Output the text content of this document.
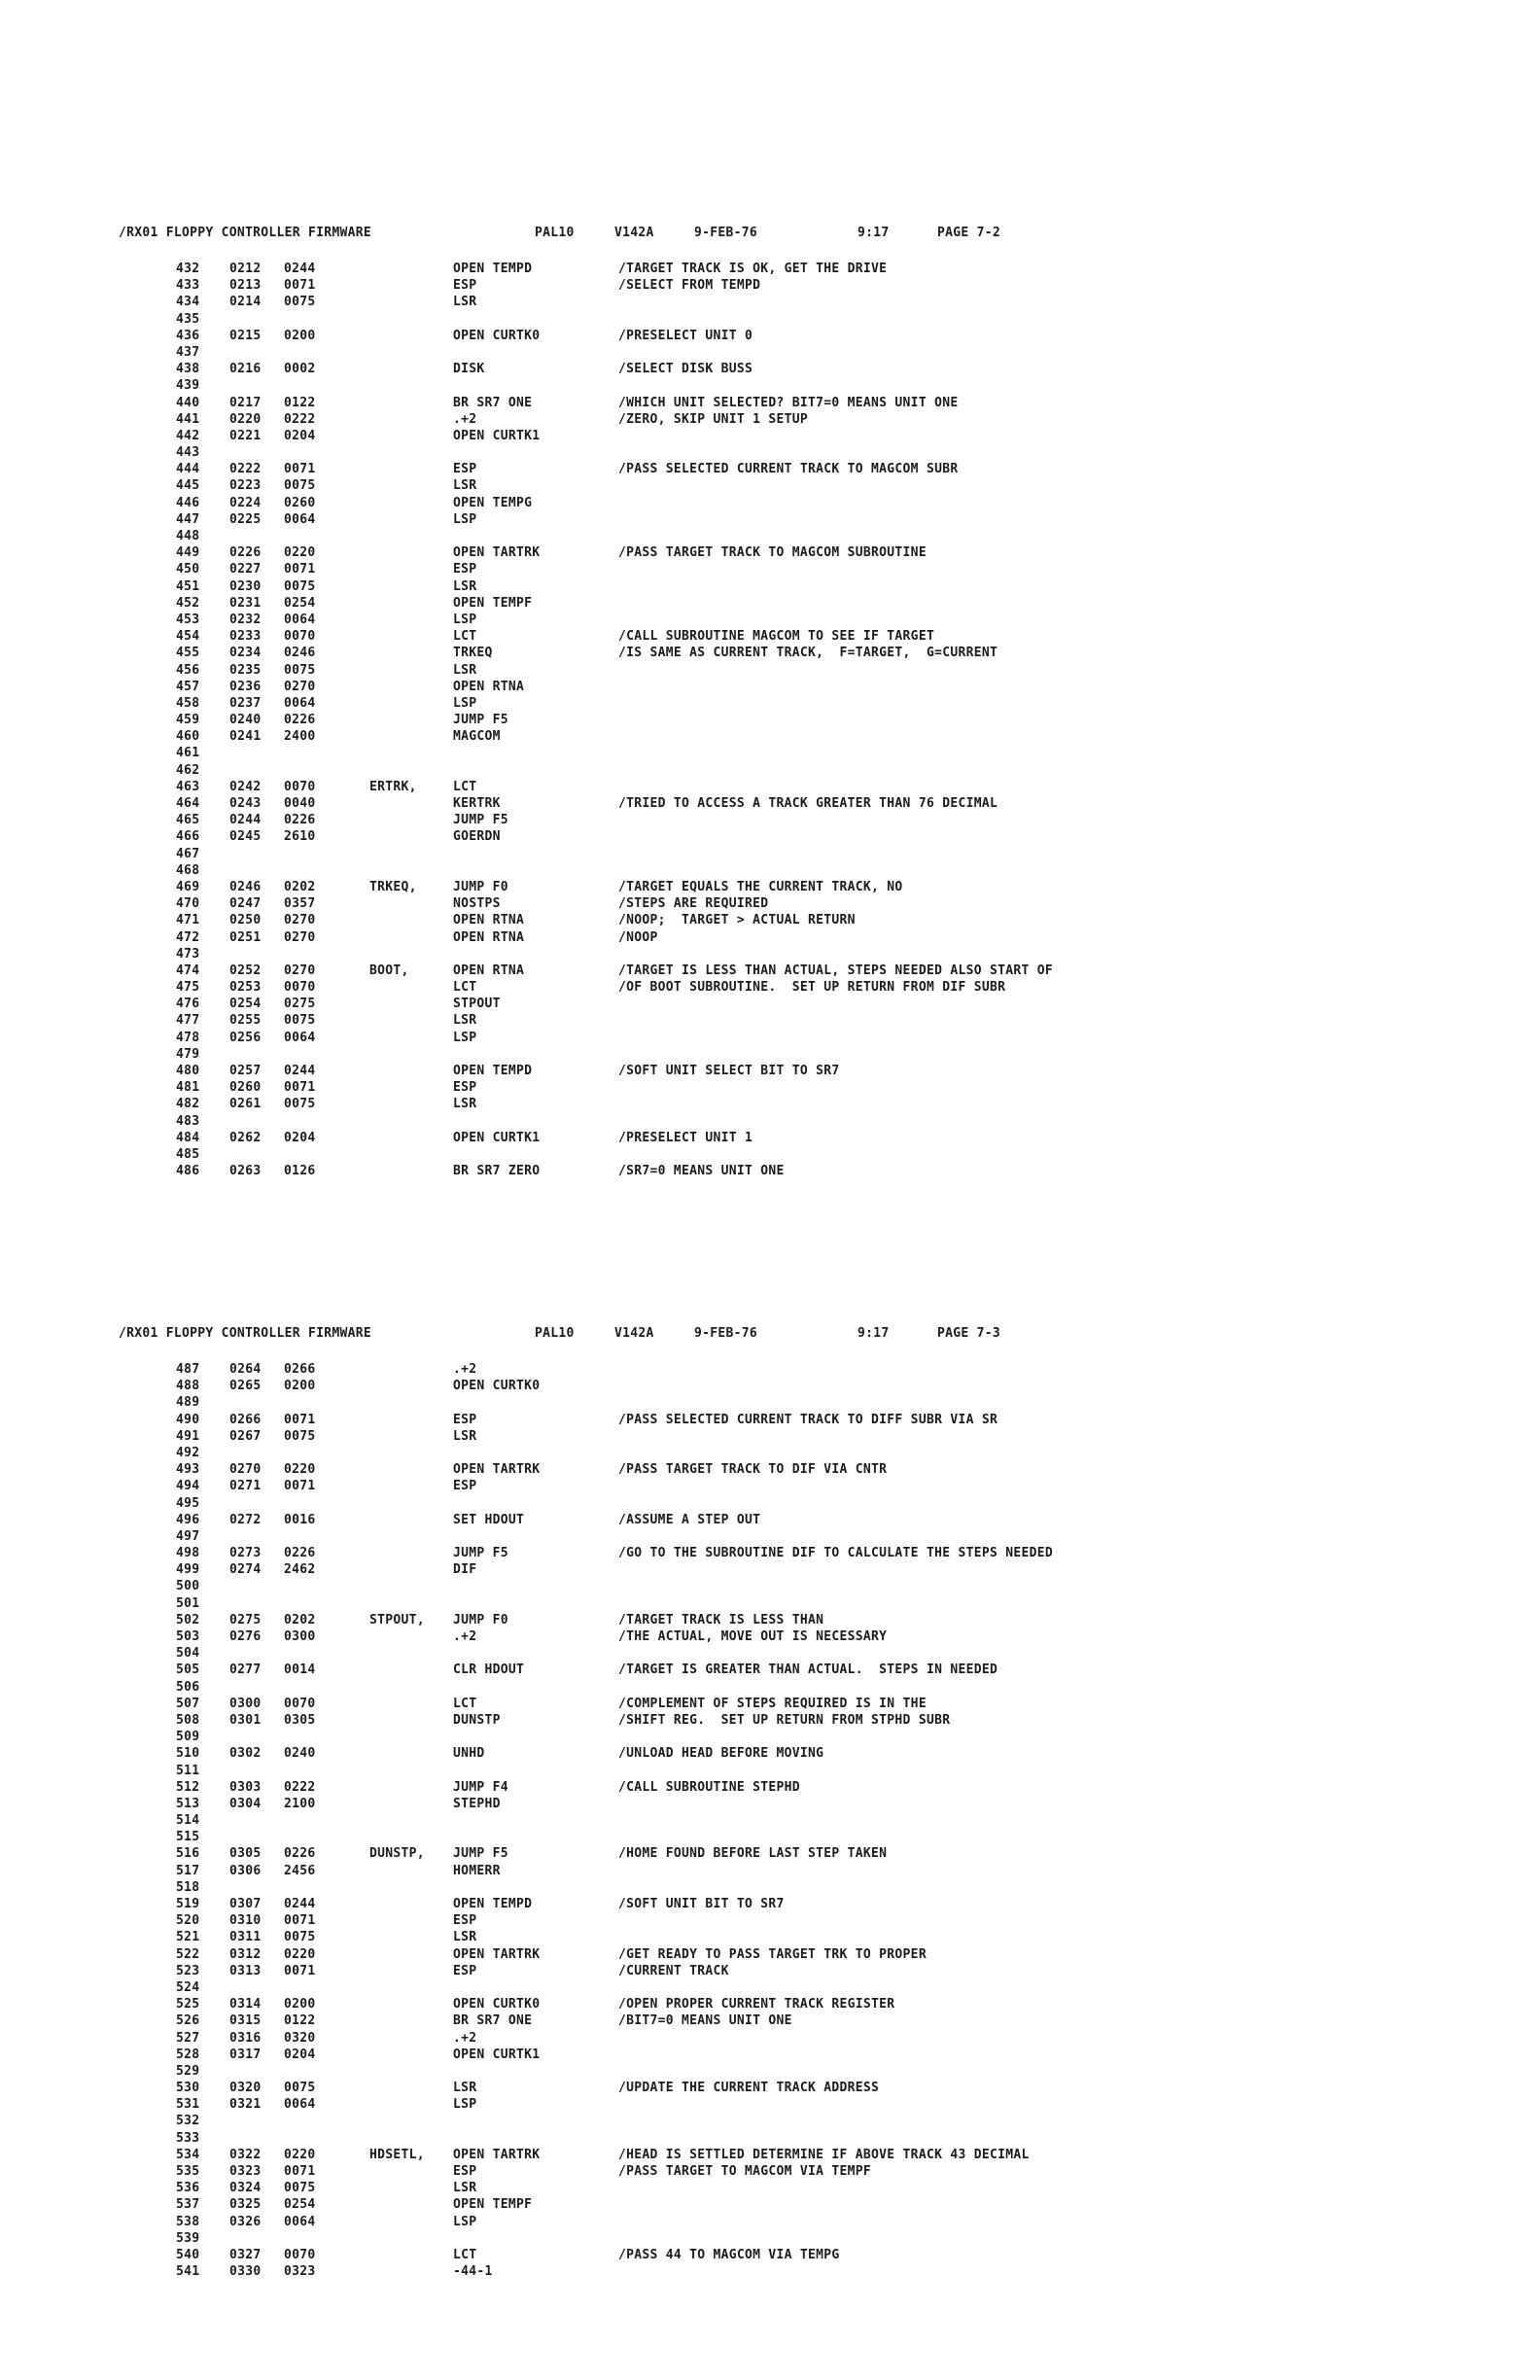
/RX01 FLOPPY CONTROLLER FIRMWARE

	PAL10

	V142A

	9-FEB-76

	9:17

	PAGE 7-2

432 0212 0244	OPEN TEMPD	/TARGET TRACK IS OK, GET THE DRIVE
433 0213 0071	ESP	/SELECT FROM TEMPD
434 0214 0075	LSR
435
436 0215 0200	OPEN CURTK0	/PRESELECT UNIT 0
437
438 0216 0002	DISK	/SELECT DISK BUSS
439
440 0217 0122	BR SR7 ONE	/WHICH UNIT SELECTED? BIT7=0 MEANS UNIT ONE
441 0220 0222	.+2	/ZERO, SKIP UNIT 1 SETUP
442 0221 0204	OPEN CURTK1
443
444 0222 0071	ESP	/PASS SELECTED CURRENT TRACK TO MAGCOM SUBR
445 0223 0075	LSR
446 0224 0260	OPEN TEMPG
447 0225 0064	LSP
448
449 0226 0220	OPEN TARTRK	/PASS TARGET TRACK TO MAGCOM SUBROUTINE
450 0227 0071	ESP
451 0230 0075	LSR
452 0231 0254	OPEN TEMPF
453 0232 0064	LSP
454 0233 0070	LCT	/CALL SUBROUTINE MAGCOM TO SEE IF TARGET
455 0234 0246	TRKEQ	/IS SAME AS CURRENT TRACK,  F=TARGET,  G=CURRENT
456 0235 0075	LSR
457 0236 0270	OPEN RTNA
458 0237 0064	LSP
459 0240 0226	JUMP F5
460 0241 2400	MAGCOM
461
462
463 0242 0070	ERTRK,	LCT
464 0243 0040	KERTRK	/TRIED TO ACCESS A TRACK GREATER THAN 76 DECIMAL
465 0244 0226	JUMP F5
466 0245 2610	GOERDN
467
468
469 0246 0202	TRKEQ,	JUMP F0	/TARGET EQUALS THE CURRENT TRACK, NO
470 0247 0357	NOSTPS	/STEPS ARE REQUIRED
471 0250 0270	OPEN RTNA	/NOOP;  TARGET > ACTUAL RETURN
472 0251 0270	OPEN RTNA	/NOOP
473
474 0252 0270	BOOT,	OPEN RTNA	/TARGET IS LESS THAN ACTUAL, STEPS NEEDED ALSO START OF
475 0253 0070	LCT	/OF BOOT SUBROUTINE.  SET UP RETURN FROM DIF SUBR
476 0254 0275	STPOUT
477 0255 0075	LSR
478 0256 0064	LSP
479
480 0257 0244	OPEN TEMPD	/SOFT UNIT SELECT BIT TO SR7
481 0260 0071	ESP
482 0261 0075	LSR
483
484 0262 0204	OPEN CURTK1	/PRESELECT UNIT 1
485
486 0263 0126	BR SR7 ZERO	/SR7=0 MEANS UNIT ONE

/RX01 FLOPPY CONTROLLER FIRMWARE

	PAL10

	V142A

	9-FEB-76

	9:17

	PAGE 7-3

487 0264 0266	.+2
488 0265 0200	OPEN CURTK0
489
490 0266 0071	ESP	/PASS SELECTED CURRENT TRACK TO DIFF SUBR VIA SR
491 0267 0075	LSR
492
493 0270 0220	OPEN TARTRK	/PASS TARGET TRACK TO DIF VIA CNTR
494 0271 0071	ESP
495
496 0272 0016	SET HDOUT	/ASSUME A STEP OUT
497
498 0273 0226	JUMP F5	/GO TO THE SUBROUTINE DIF TO CALCULATE THE STEPS NEEDED
499 0274 2462	DIF
500
501
502 0275 0202	STPOUT, JUMP F0	/TARGET TRACK IS LESS THAN
503 0276 0300	.+2	/THE ACTUAL, MOVE OUT IS NECESSARY
504
505 0277 0014	CLR HDOUT	/TARGET IS GREATER THAN ACTUAL.  STEPS IN NEEDED
506
507 0300 0070	LCT	/COMPLEMENT OF STEPS REQUIRED IS IN THE
508 0301 0305	DUNSTP	/SHIFT REG.  SET UP RETURN FROM STPHD SUBR
509
510 0302 0240	UNHD	/UNLOAD HEAD BEFORE MOVING
511
512 0303 0222	JUMP F4	/CALL SUBROUTINE STEPHD
513 0304 2100	STEPHD
514
515
516 0305 0226	DUNSTP, JUMP F5	/HOME FOUND BEFORE LAST STEP TAKEN
517 0306 2456	HOMERR
518
519 0307 0244	OPEN TEMPD	/SOFT UNIT BIT TO SR7
520 0310 0071	ESP
521 0311 0075	LSR
522 0312 0220	OPEN TARTRK	/GET READY TO PASS TARGET TRK TO PROPER
523 0313 0071	ESP	/CURRENT TRACK
524
525 0314 0200	OPEN CURTK0	/OPEN PROPER CURRENT TRACK REGISTER
526 0315 0122	BR SR7 ONE	/BIT7=0 MEANS UNIT ONE
527 0316 0320	.+2
528 0317 0204	OPEN CURTK1
529
530 0320 0075	LSR	/UPDATE THE CURRENT TRACK ADDRESS
531 0321 0064	LSP
532
533
534 0322 0220	HDSETL, OPEN TARTRK	/HEAD IS SETTLED DETERMINE IF ABOVE TRACK 43 DECIMAL
535 0323 0071	ESP	/PASS TARGET TO MAGCOM VIA TEMPF
536 0324 0075	LSR
537 0325 0254	OPEN TEMPF
538 0326 0064	LSP
539
540 0327 0070	LCT	/PASS 44 TO MAGCOM VIA TEMPG
541 0330 0323	-44-1
